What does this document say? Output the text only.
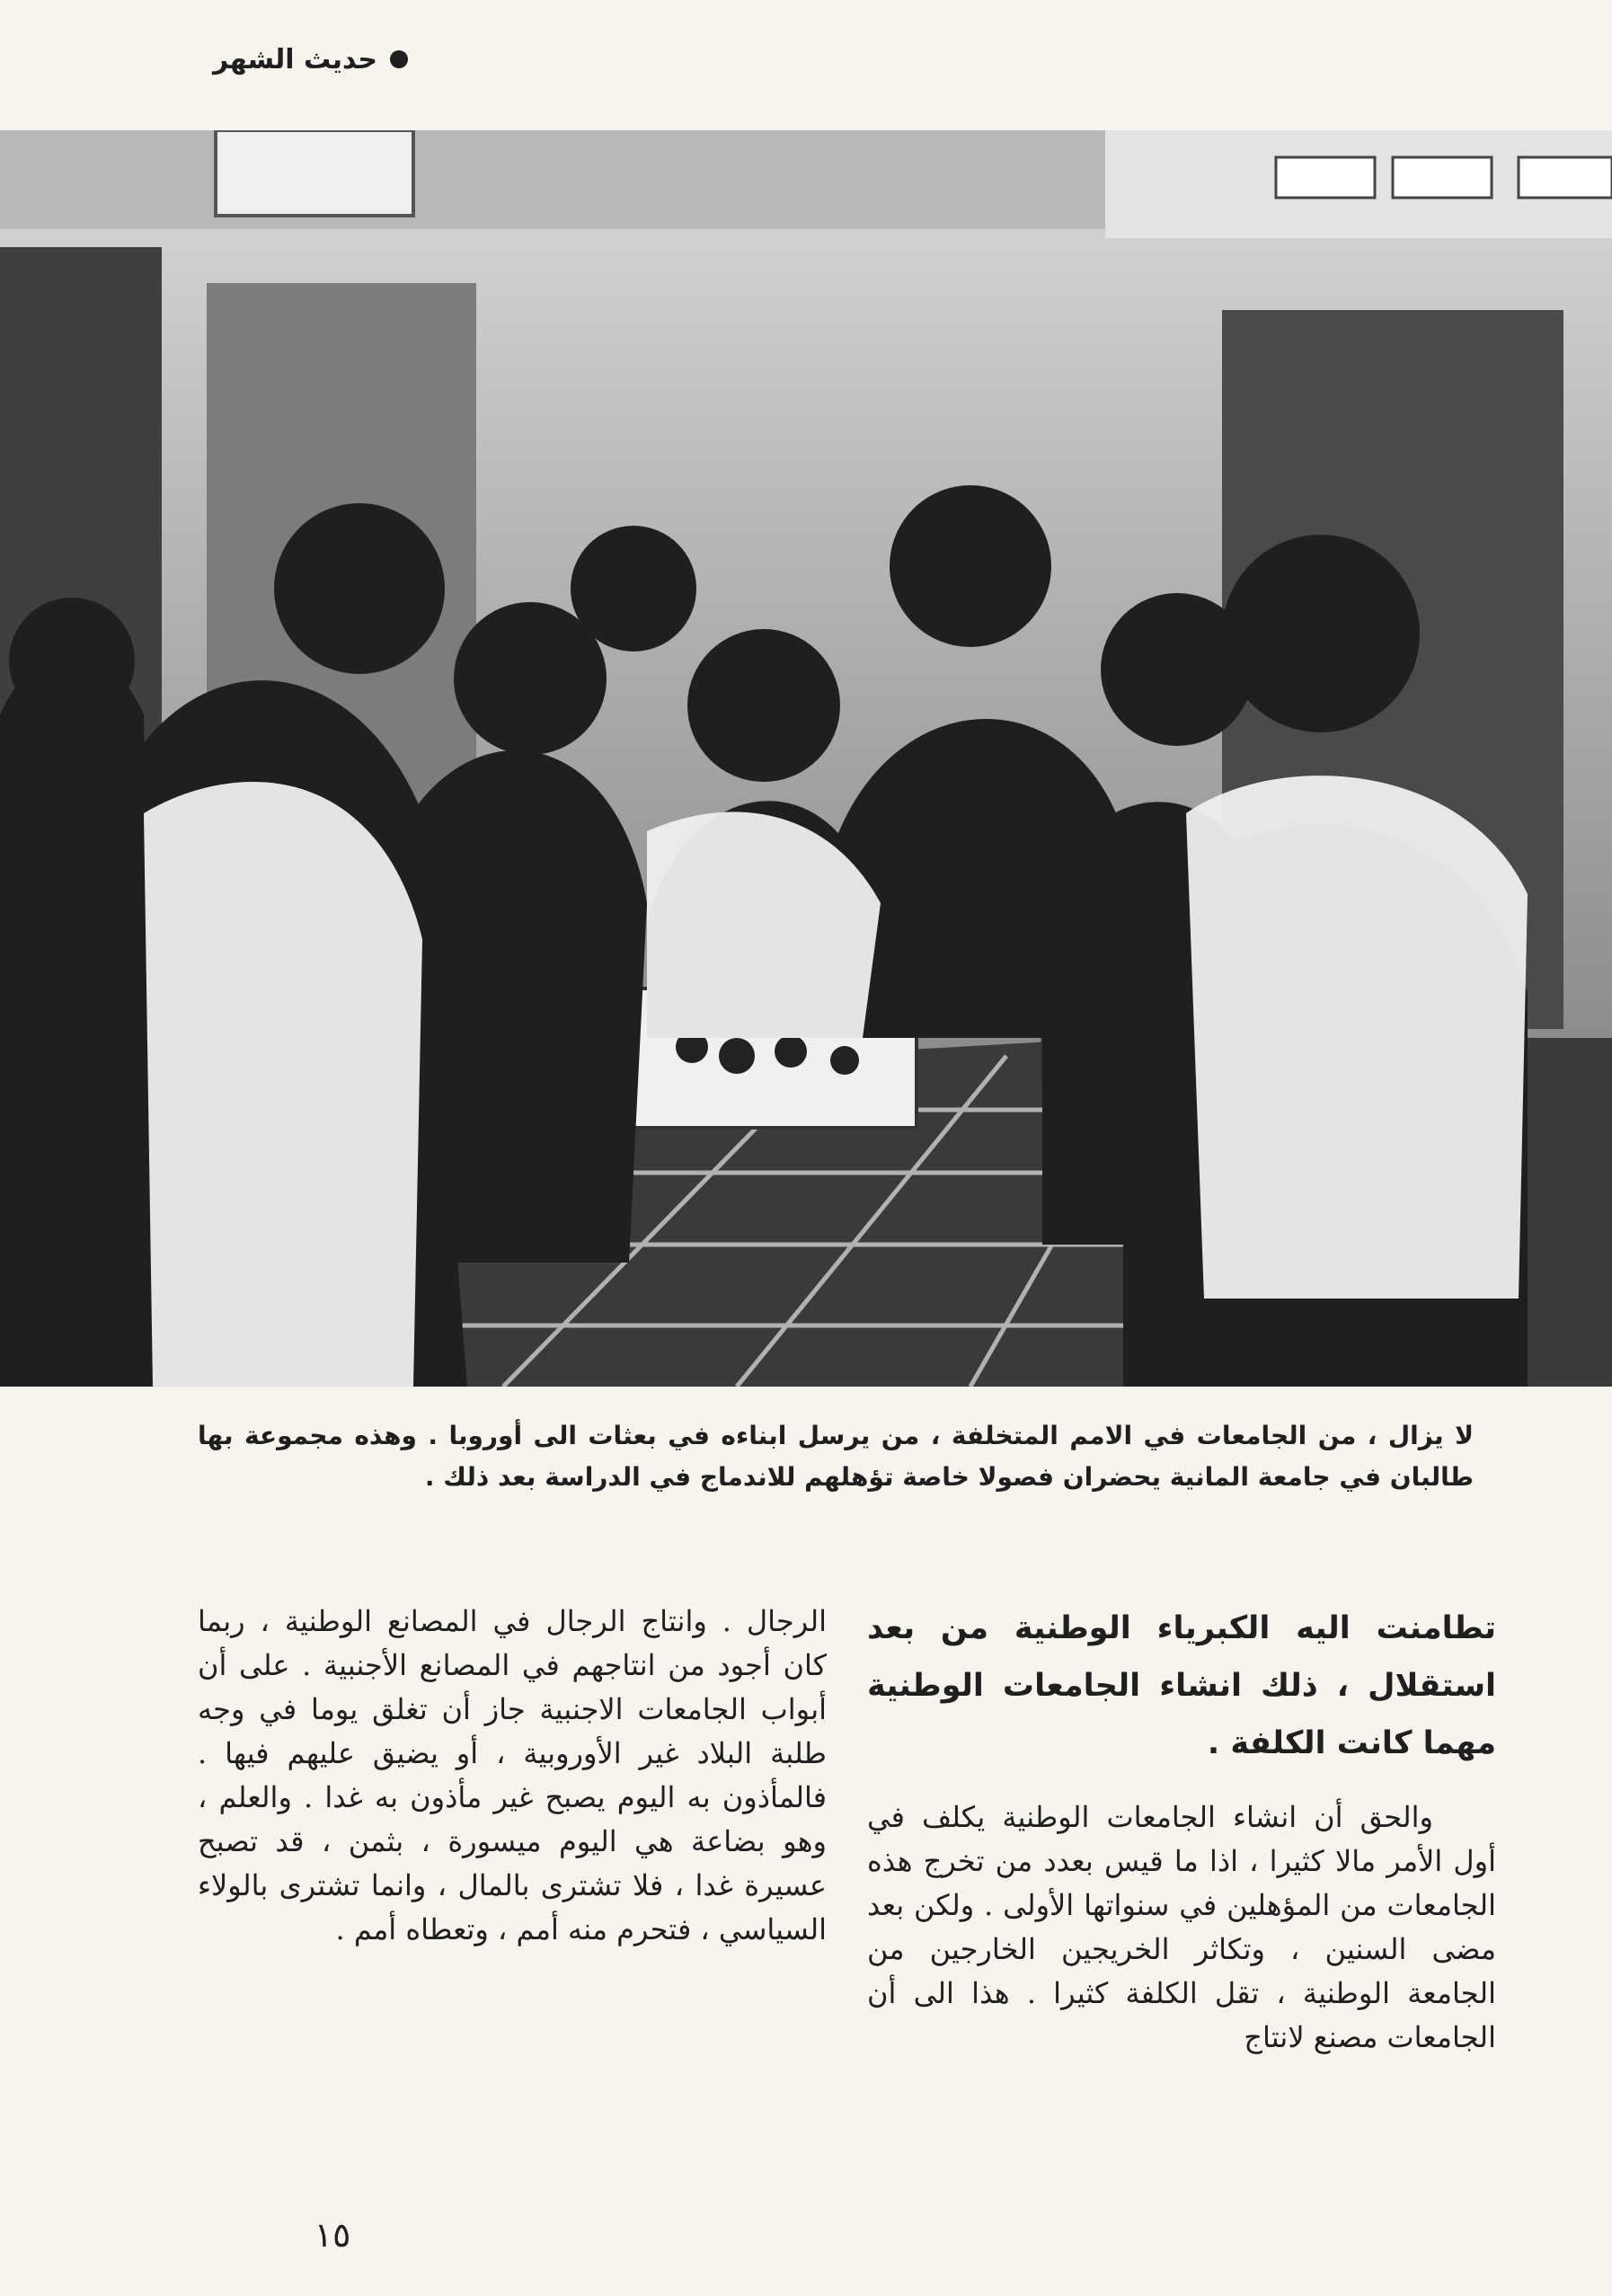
حديث الشهر
لا يزال ، من الجامعات في الامم المتخلفة ، من يرسل ابناءه في بعثات الى أوروبا . وهذه مجموعة بها طالبان في جامعة المانية يحضران فصولا خاصة تؤهلهم للاندماج في الدراسة بعد ذلك .
تطامنت اليه الكبرياء الوطنية من بعد استقلال ، ذلك انشاء الجامعات الوطنية مهما كانت الكلفة .
والحق أن انشاء الجامعات الوطنية يكلف في أول الأمر مالا كثيرا ، اذا ما قيس بعدد من تخرج هذه الجامعات من المؤهلين في سنواتها الأولى . ولكن بعد مضى السنين ، وتكاثر الخريجين الخارجين من الجامعة الوطنية ، تقل الكلفة كثيرا . هذا الى أن الجامعات مصنع لانتاج
الرجال . وانتاج الرجال في المصانع الوطنية ، ربما كان أجود من انتاجهم في المصانع الأجنبية . على أن أبواب الجامعات الاجنبية جاز أن تغلق يوما في وجه طلبة البلاد غير الأوروبية ، أو يضيق عليهم فيها . فالمأذون به اليوم يصبح غير مأذون به غدا . والعلم ، وهو بضاعة هي اليوم ميسورة ، بثمن ، قد تصبح عسيرة غدا ، فلا تشترى بالمال ، وانما تشترى بالولاء السياسي ، فتحرم منه أمم ، وتعطاه أمم .
١٥
